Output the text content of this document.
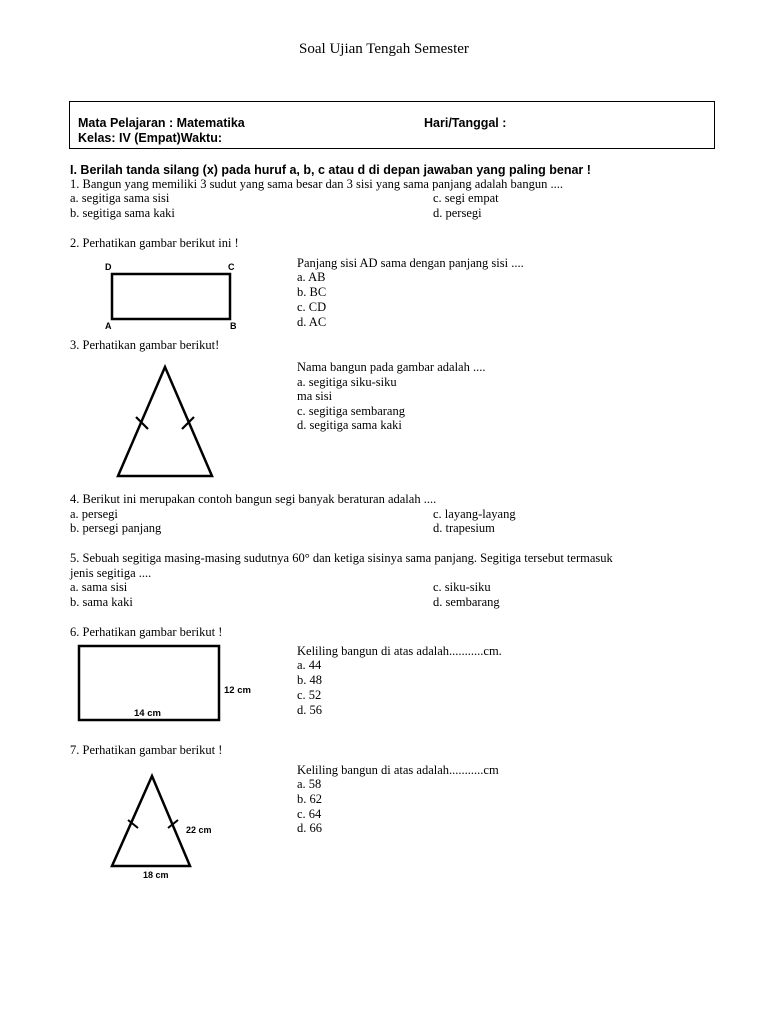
Soal Ujian Tengah Semester
Mata Pelajaran : Matematika	Hari/Tanggal :
Kelas: IV (Empat)Waktu:
I. Berilah tanda silang (x) pada huruf a, b, c atau d di depan jawaban yang paling benar !
1. Bangun yang memiliki 3 sudut yang sama besar dan 3 sisi yang sama panjang adalah bangun ....
a. segitiga sama sisi
b. segitiga sama kaki
c. segi empat
d. persegi
2. Perhatikan gambar berikut ini !
D	C
A	B
Panjang sisi AD sama dengan panjang sisi ....
a. AB
b. BC
c. CD
d. AC
3. Perhatikan gambar berikut!
Nama bangun pada gambar adalah ....
a. segitiga siku-siku
ma sisi
c. segitiga sembarang
d. segitiga sama kaki
4. Berikut ini merupakan contoh bangun segi banyak beraturan adalah ....
a. persegi
b. persegi panjang
c. layang-layang
d. trapesium
5. Sebuah segitiga masing-masing sudutnya 60° dan ketiga sisinya sama panjang. Segitiga tersebut termasuk
jenis segitiga ....
a. sama sisi
b. sama kaki
c. siku-siku
d. sembarang
6. Perhatikan gambar berikut !
14 cm
12 cm
Keliling bangun di atas adalah...........cm.
a. 44
b. 48
c. 52
d. 56
7. Perhatikan gambar berikut !
22 cm
18 cm
Keliling bangun di atas adalah...........cm
a. 58
b. 62
c. 64
d. 66
